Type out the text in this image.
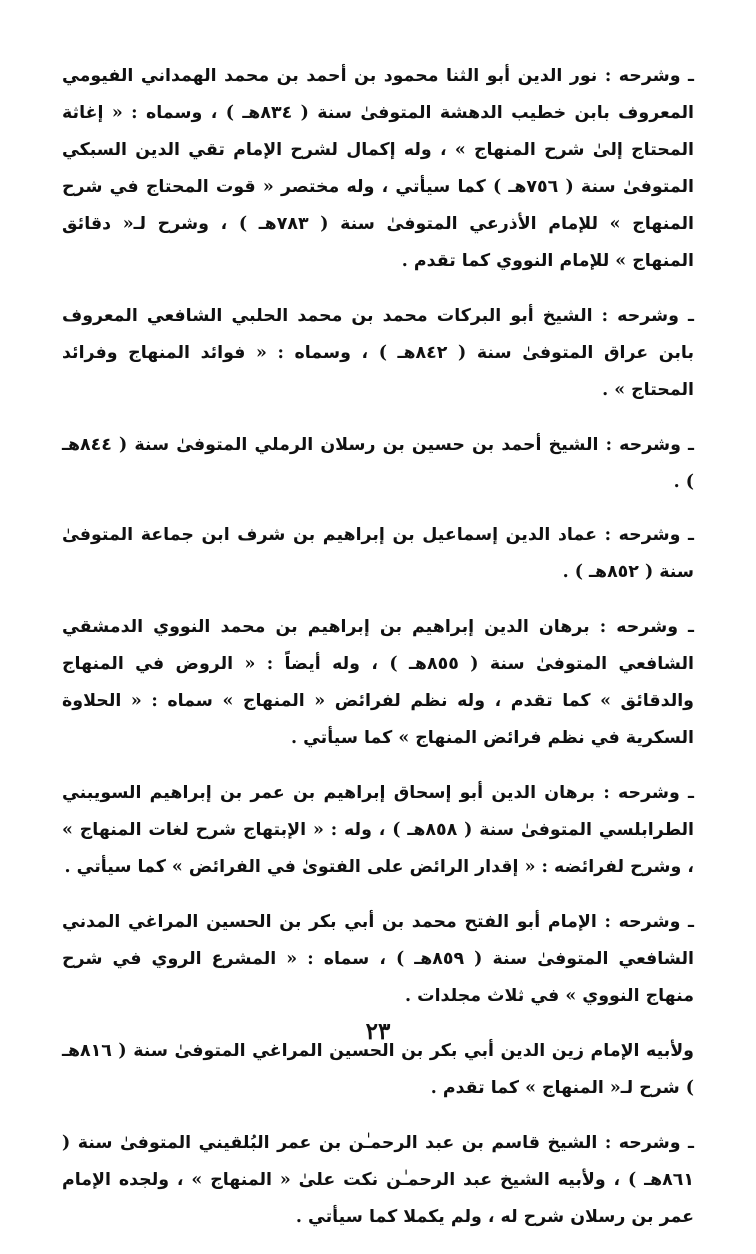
ـ وشرحه : نور الدين أبو الثنا محمود بن أحمد بن محمد الهمداني الفيومي المعروف بابن خطيب الدهشة المتوفىٰ سنة ( ٨٣٤هـ ) ، وسماه : « إغاثة المحتاج إلىٰ شرح المنهاج » ، وله إكمال لشرح الإمام تقي الدين السبكي المتوفىٰ سنة ( ٧٥٦هـ ) كما سيأتي ، وله مختصر « قوت المحتاج في شرح المنهاج » للإمام الأذرعي المتوفىٰ سنة ( ٧٨٣هـ ) ، وشرح لـ« دقائق المنهاج » للإمام النووي كما تقدم .

ـ وشرحه : الشيخ أبو البركات محمد بن محمد الحلبي الشافعي المعروف بابن عراق المتوفىٰ سنة ( ٨٤٢هـ ) ، وسماه : « فوائد المنهاج وفرائد المحتاج » .

ـ وشرحه : الشيخ أحمد بن حسين بن رسلان الرملي المتوفىٰ سنة ( ٨٤٤هـ ) .

ـ وشرحه : عماد الدين إسماعيل بن إبراهيم بن شرف ابن جماعة المتوفىٰ سنة ( ٨٥٢هـ ) .

ـ وشرحه : برهان الدين إبراهيم بن إبراهيم بن محمد النووي الدمشقي الشافعي المتوفىٰ سنة ( ٨٥٥هـ ) ، وله أيضاً : « الروض في المنهاج والدقائق » كما تقدم ، وله نظم لفرائض « المنهاج » سماه : « الحلاوة السكرية في نظم فرائض المنهاج » كما سيأتي .

ـ وشرحه : برهان الدين أبو إسحاق إبراهيم بن عمر بن إبراهيم السويبني الطرابلسي المتوفىٰ سنة ( ٨٥٨هـ ) ، وله : « الإبتهاج شرح لغات المنهاج » ، وشرح لفرائضه : « إقدار الرائض على الفتوىٰ في الفرائض » كما سيأتي .

ـ وشرحه : الإمام أبو الفتح محمد بن أبي بكر بن الحسين المراغي المدني الشافعي المتوفىٰ سنة ( ٨٥٩هـ ) ، سماه : « المشرع الروي في شرح منهاج النووي » في ثلاث مجلدات .

ولأبيه الإمام زين الدين أبي بكر بن الحسين المراغي المتوفىٰ سنة ( ٨١٦هـ ) شرح لـ« المنهاج » كما تقدم .

ـ وشرحه : الشيخ قاسم بن عبد الرحمـٰن بن عمر البُلقيني المتوفىٰ سنة ( ٨٦١هـ ) ، ولأبيه الشيخ عبد الرحمـٰن نكت علىٰ « المنهاج » ، ولجده الإمام عمر بن رسلان شرح له ، ولم يكملا كما سيأتي .

٢٣
